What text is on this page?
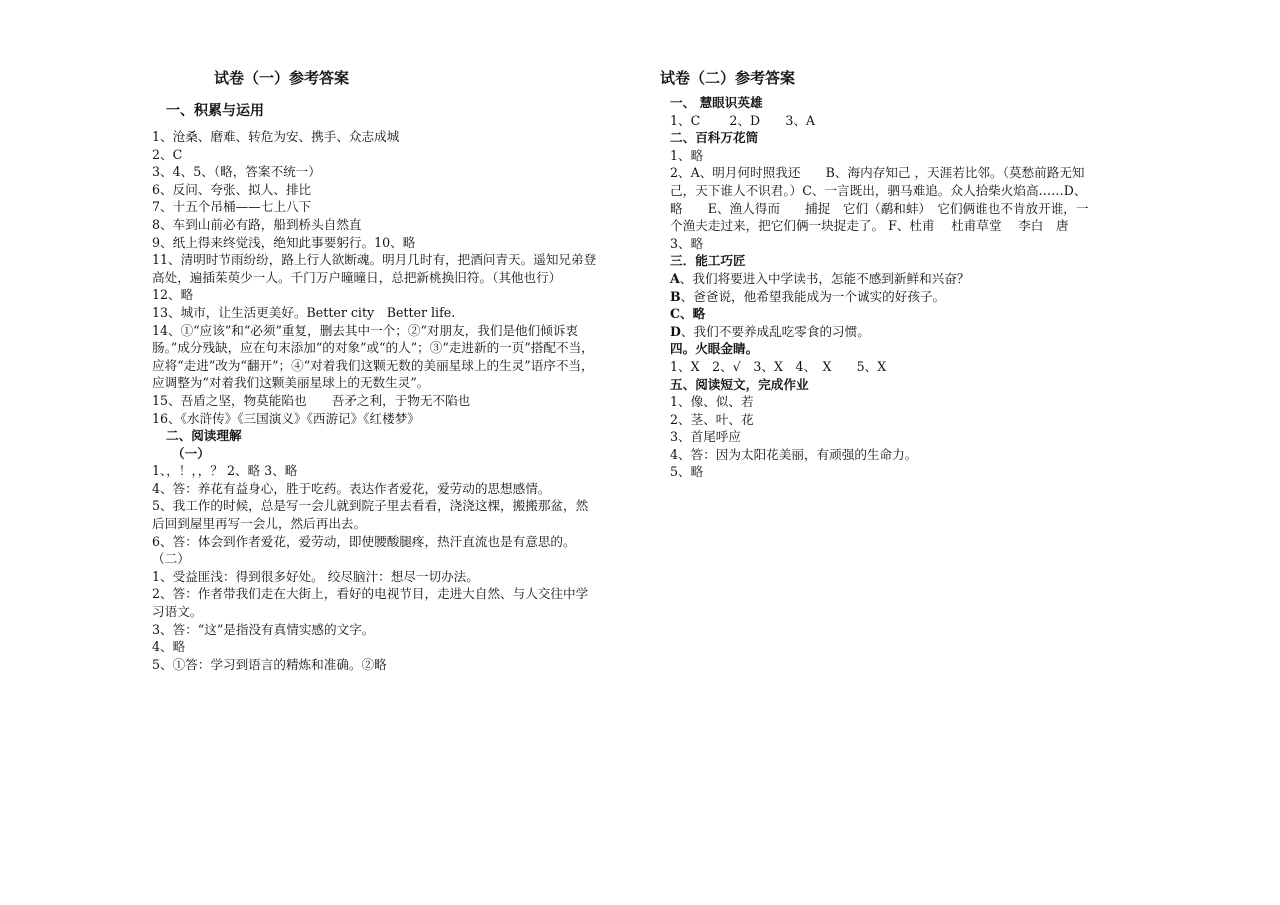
试卷（一）参考答案
一、积累与运用
1、沧桑、磨难、转危为安、携手、众志成城
2、C
3、4、5、（略，答案不统一）
6、反问、夸张、拟人、排比
7、十五个吊桶——七上八下
8、车到山前必有路，船到桥头自然直
9、纸上得来终觉浅，绝知此事要躬行。10、略
11、清明时节雨纷纷，路上行人欲断魂。明月几时有，把酒问青天。遥知兄弟登高处，遍插茱萸少一人。千门万户曈曈日，总把新桃换旧符。（其他也行）
12、略
13、城市，让生活更美好。Better city　Better life.
14、①“应该”和“必须”重复，删去其中一个；②“对朋友，我们是他们倾诉衷肠。”成分残缺，应在句末添加“的对象”或“的人”；③“走进新的一页”搭配不当，应将“走进”改为“翻开”；④“对着我们这颗无数的美丽星球上的生灵”语序不当，应调整为“对着我们这颗美丽星球上的无数生灵”。
15、吾盾之坚，物莫能陷也　　吾矛之利，于物无不陷也
16、《水浒传》《三国演义》《西游记》《红楼梦》
二、阅读理解
（一）
1、，！，，？ 2、略 3、略
4、答：养花有益身心，胜于吃药。表达作者爱花，爱劳动的思想感情。
5、我工作的时候，总是写一会儿就到院子里去看看，浇浇这棵，搬搬那盆，然后回到屋里再写一会儿，然后再出去。
6、答：体会到作者爱花，爱劳动，即使腰酸腿疼，热汗直流也是有意思的。
（二）
1、受益匪浅：得到很多好处。 绞尽脑汁：想尽一切办法。
2、答：作者带我们走在大街上，看好的电视节目，走进大自然、与人交往中学习语文。
3、答：“这”是指没有真情实感的文字。
4、略
5、①答：学习到语言的精炼和准确。②略
试卷（二）参考答案
一、 慧眼识英雄
1、C　　 2、D　　3、A
二、百科万花筒
1、略
2、A、明月何时照我还　　B、海内存知己 ，天涯若比邻。（莫愁前路无知己，天下谁人不识君。）C、一言既出，驷马难追。众人拾柴火焰高……D、略　　E、渔人得而　　捕捉　它们（鹬和蚌）　它们俩谁也不肯放开谁，一个渔夫走过来，把它们俩一块捉走了。 F、杜甫　 杜甫草堂　 李白　唐
3、略
三．能工巧匠
A、我们将要进入中学读书，怎能不感到新鲜和兴奋？
B、爸爸说，他希望我能成为一个诚实的好孩子。
C、略
D、我们不要养成乱吃零食的习惯。
四。火眼金睛。
1、X　2、√　3、X　4、　X　　5、X
五、阅读短文，完成作业
1、像、似、若
2、茎、叶、花
3、首尾呼应
4、答：因为太阳花美丽，有顽强的生命力。
5、略
